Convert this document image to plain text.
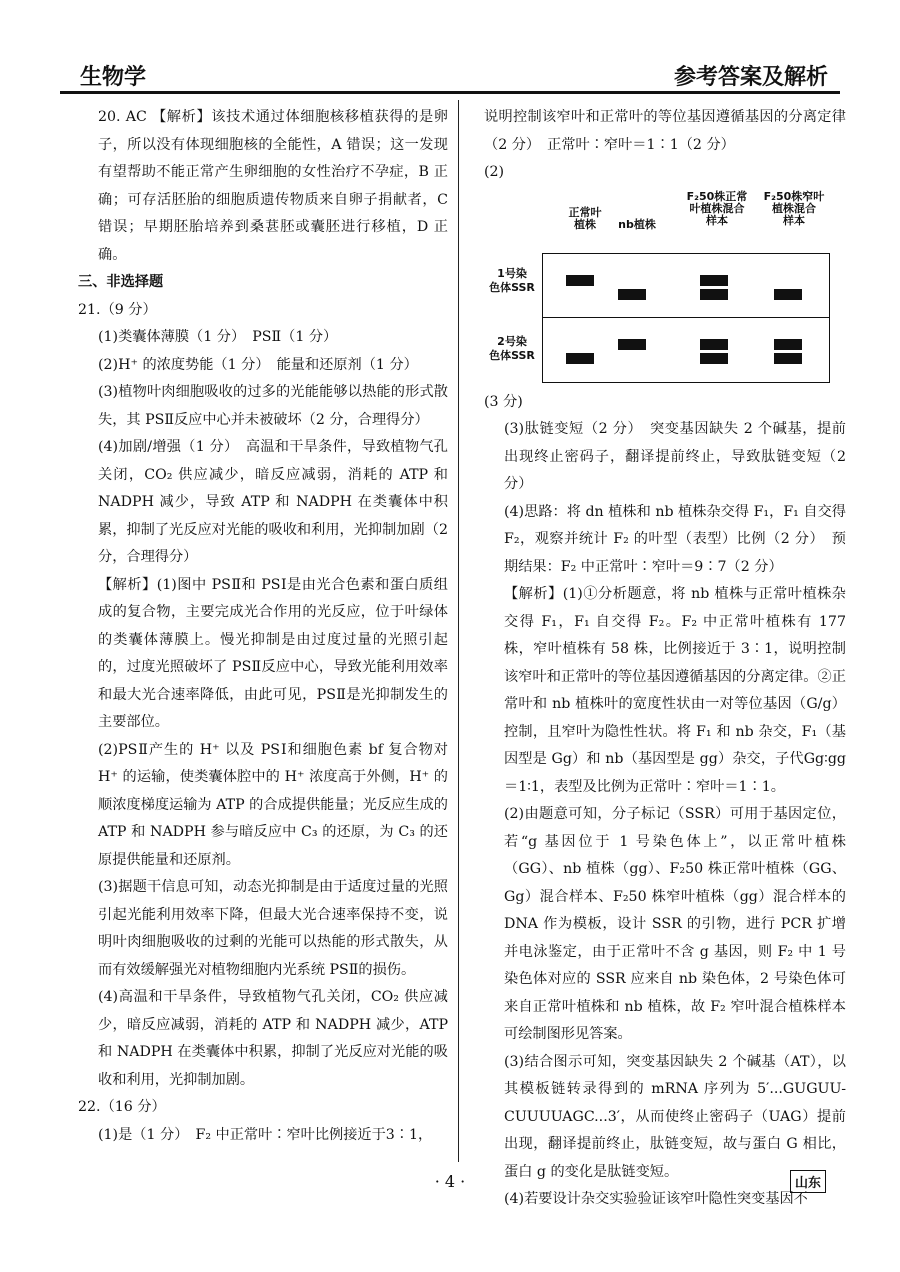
生物学	参考答案及解析

20. AC 【解析】该技术通过体细胞核移植获得的是卵子，所以没有体现细胞核的全能性，A 错误；这一发现有望帮助不能正常产生卵细胞的女性治疗不孕症，B 正确；可存活胚胎的细胞质遗传物质来自卵子捐献者，C 错误；早期胚胎培养到桑葚胚或囊胚进行移植，D 正确。

三、非选择题

21.（9 分）

(1)类囊体薄膜（1 分）　PSⅡ（1 分）

(2)H⁺ 的浓度势能（1 分）　能量和还原剂（1 分）

(3)植物叶肉细胞吸收的过多的光能能够以热能的形式散失，其 PSⅡ反应中心并未被破坏（2 分，合理得分）

(4)加剧/增强（1 分）　高温和干旱条件，导致植物气孔关闭，CO₂ 供应减少，暗反应减弱，消耗的 ATP 和 NADPH 减少，导致 ATP 和 NADPH 在类囊体中积累，抑制了光反应对光能的吸收和利用，光抑制加剧（2 分，合理得分）

【解析】(1)图中 PSⅡ和 PSⅠ是由光合色素和蛋白质组成的复合物，主要完成光合作用的光反应，位于叶绿体的类囊体薄膜上。慢光抑制是由过度过量的光照引起的，过度光照破坏了 PSⅡ反应中心，导致光能利用效率和最大光合速率降低，由此可见，PSⅡ是光抑制发生的主要部位。

(2)PSⅡ产生的 H⁺ 以及 PSⅠ和细胞色素 bf 复合物对 H⁺ 的运输，使类囊体腔中的 H⁺ 浓度高于外侧，H⁺ 的顺浓度梯度运输为 ATP 的合成提供能量；光反应生成的 ATP 和 NADPH 参与暗反应中 C₃ 的还原，为 C₃ 的还原提供能量和还原剂。

(3)据题干信息可知，动态光抑制是由于适度过量的光照引起光能利用效率下降，但最大光合速率保持不变，说明叶肉细胞吸收的过剩的光能可以热能的形式散失，从而有效缓解强光对植物细胞内光系统 PSⅡ的损伤。

(4)高温和干旱条件，导致植物气孔关闭，CO₂ 供应减少，暗反应减弱，消耗的 ATP 和 NADPH 减少，ATP 和 NADPH 在类囊体中积累，抑制了光反应对光能的吸收和利用，光抑制加剧。

22.（16 分）

(1)是（1 分）　F₂ 中正常叶∶窄叶比例接近于3∶1，

说明控制该窄叶和正常叶的等位基因遵循基因的分离定律（2 分）　正常叶∶窄叶＝1∶1（2 分）

(2)

正常叶
植株	nb植株
F₂50株正常
叶植株混合
样本
F₂50株窄叶
植株混合
样本
1号染
色体SSR
2号染
色体SSR

(3 分)

(3)肽链变短（2 分）　突变基因缺失 2 个碱基，提前出现终止密码子，翻译提前终止，导致肽链变短（2 分）

(4)思路：将 dn 植株和 nb 植株杂交得 F₁，F₁ 自交得 F₂，观察并统计 F₂ 的叶型（表型）比例（2 分）　预期结果：F₂ 中正常叶∶窄叶＝9∶7（2 分）

【解析】(1)①分析题意，将 nb 植株与正常叶植株杂交得 F₁，F₁ 自交得 F₂。F₂ 中正常叶植株有 177 株，窄叶植株有 58 株，比例接近于 3∶1，说明控制该窄叶和正常叶的等位基因遵循基因的分离定律。②正常叶和 nb 植株叶的宽度性状由一对等位基因（G/g）控制，且窄叶为隐性性状。将 F₁ 和 nb 杂交，F₁（基因型是 Gg）和 nb（基因型是 gg）杂交，子代Gg∶gg＝1∶1，表型及比例为正常叶∶窄叶＝1∶1。

(2)由题意可知，分子标记（SSR）可用于基因定位，若“g 基因位于 1 号染色体上”，以正常叶植株（GG）、nb 植株（gg）、F₂50 株正常叶植株（GG、Gg）混合样本、F₂50 株窄叶植株（gg）混合样本的 DNA 作为模板，设计 SSR 的引物，进行 PCR 扩增并电泳鉴定，由于正常叶不含 g 基因，则 F₂ 中 1 号染色体对应的 SSR 应来自 nb 染色体，2 号染色体可来自正常叶植株和 nb 植株，故 F₂ 窄叶混合植株样本可绘制图形见答案。

(3)结合图示可知，突变基因缺失 2 个碱基（AT），以其模板链转录得到的 mRNA 序列为 5′...GUGUU-CUUUUAGC...3′，从而使终止密码子（UAG）提前出现，翻译提前终止，肽链变短，故与蛋白 G 相比，蛋白 g 的变化是肽链变短。

(4)若要设计杂交实验验证该窄叶隐性突变基因不

· 4 ·	山东
